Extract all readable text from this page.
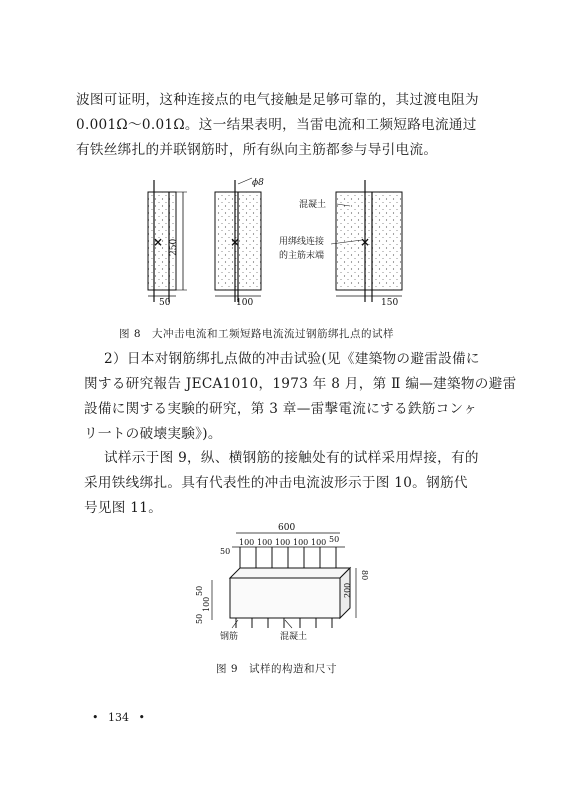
波图可证明，这种连接点的电气接触是足够可靠的，其过渡电阻为
0.001Ω～0.01Ω。这一结果表明，当雷电流和工频短路电流通过
有铁丝绑扎的并联钢筋时，所有纵向主筋都参与导引电流。
× 250
50
×
ϕ8
100
×
混凝土
用绑线连接
的主筋末端
150
图 8　大冲击电流和工频短路电流流过钢筋绑扎点的试样
2）日本对钢筋绑扎点做的冲击试验(见《建築物の避雷設備に
関する研究報告 JECA1010，1973 年 8 月，第 Ⅱ 编—建築物の避雷
設備に関する実験的研究，第 3 章—雷撃電流にする鉄筋コンヶ
リ一トの破壊実験》)。
试样示于图 9，纵、横钢筋的接触处有的试样采用焊接，有的
采用铁线绑扎。具有代表性的冲击电流波形示于图 10。钢筋代
号见图 11。
600
50
100 100 100 100 100 50
80
200
50
100
50
钢筋	混凝土
图 9　试样的构造和尺寸
• 134 •
